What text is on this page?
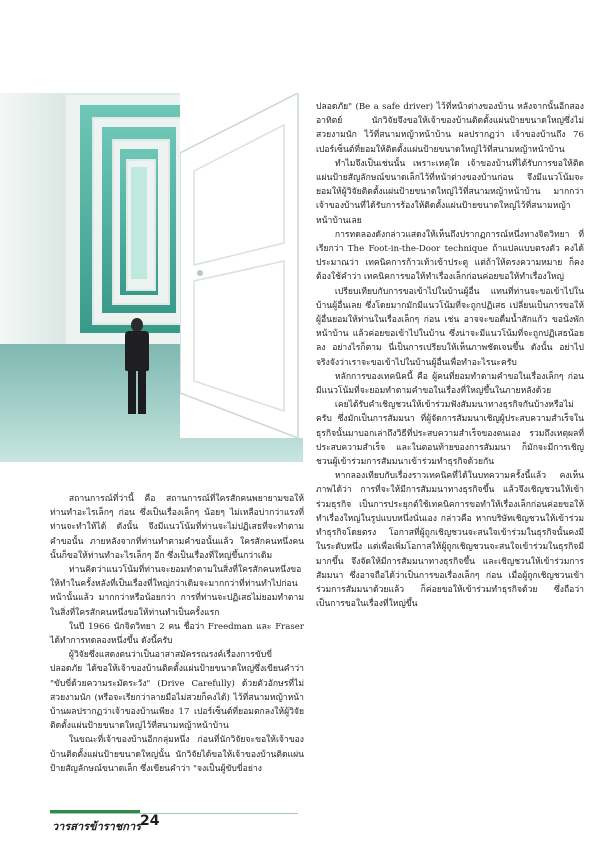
ปลอดภัย" (Be a safe driver) ไว้ที่หน้าต่างของบ้าน หลังจากนั้นอีกสองอาทิตย์ นักวิจัยจึงขอให้เจ้าของบ้านติดตั้งแผ่นป้ายขนาดใหญ่ซึ่งไม่สวยงามนัก ไว้ที่สนามหญ้าหน้าบ้าน ผลปรากฏว่า เจ้าของบ้านถึง 76 เปอร์เซ็นต์ที่ยอมให้ติดตั้งแผ่นป้ายขนาดใหญ่ไว้ที่สนามหญ้าหน้าบ้าน

ทำไมจึงเป็นเช่นนั้น เพราะเหตุใด เจ้าของบ้านที่ได้รับการขอให้ติดแผ่นป้ายสัญลักษณ์ขนาดเล็กไว้ที่หน้าต่างของบ้านก่อน จึงมีแนวโน้มจะยอมให้ผู้วิจัยติดตั้งแผ่นป้ายขนาดใหญ่ไว้ที่สนามหญ้าหน้าบ้าน มากกว่า เจ้าของบ้านที่ได้รับการร้องให้ติดตั้งแผ่นป้ายขนาดใหญ่ไว้ที่สนามหญ้าหน้าบ้านเลย

การทดลองดังกล่าวแสดงให้เห็นถึงปรากฏการณ์หนึ่งทางจิตวิทยา ที่เรียกว่า The Foot-in-the-Door technique ถ้าแปลแบบตรงตัว คงได้ประมาณว่า เทคนิคการก้าวเท้าเข้าประตู แต่ถ้าให้ตรงความหมาย ก็คงต้องใช้คำว่า เทคนิคการขอให้ทำเรื่องเล็กก่อนค่อยขอให้ทำเรื่องใหญ่

เปรียบเทียบกับการขอเข้าไปในบ้านผู้อื่น แทนที่ท่านจะขอเข้าไปในบ้านผู้อื่นเลย ซึ่งโดยมากมักมีแนวโน้มที่จะถูกปฏิเสธ เปลี่ยนเป็นการขอให้ผู้อื่นยอมให้ท่านในเรื่องเล็กๆ ก่อน เช่น อาจจะขอดื่มน้ำสักแก้ว ขอนั่งพักหน้าบ้าน แล้วค่อยขอเข้าไปในบ้าน ซึ่งน่าจะมีแนวโน้มที่จะถูกปฏิเสธน้อยลง อย่างไรก็ตาม นี่เป็นการเปรียบให้เห็นภาพชัดเจนขึ้น ดังนั้น อย่าไปจริงจังว่าเราจะขอเข้าไปในบ้านผู้อื่นเพื่อทำอะไรนะครับ

หลักการของเทคนิคนี้ คือ ผู้คนที่ยอมทำตามคำขอในเรื่องเล็กๆ ก่อน มีแนวโน้มที่จะยอมทำตามคำขอในเรื่องที่ใหญ่ขึ้นในภายหลังด้วย

เคยได้รับคำเชิญชวนให้เข้าร่วมฟังสัมมนาทางธุรกิจกันบ้างหรือไม่ครับ ซึ่งมักเป็นการสัมมนา ที่ผู้จัดการสัมมนาเชิญผู้ประสบความสำเร็จในธุรกิจนั้นมาบอกเล่าถึงวิธีที่ประสบความสำเร็จของตนเอง รวมถึงเหตุผลที่ประสบความสำเร็จ และในตอนท้ายของการสัมมนา ก็มักจะมีการเชิญชวนผู้เข้าร่วมการสัมมนาเข้าร่วมทำธุรกิจด้วยกัน

หากลองเทียบกับเรื่องราวเทคนิคที่ได้ในบทความครั้งนี้แล้ว คงเห็นภาพได้ว่า การที่จะให้มีการสัมมนาทางธุรกิจขึ้น แล้วจึงเชิญชวนให้เข้าร่วมธุรกิจ เป็นการประยุกต์ใช้เทคนิคการขอทำให้เรื่องเล็กก่อนค่อยขอให้ทำเรื่องใหญ่ในรูปแบบหนึ่งนั่นเอง กล่าวคือ หากบริษัทเชิญชวนให้เข้าร่วมทำธุรกิจโดยตรง โอกาสที่ผู้ถูกเชิญชวนจะสนใจเข้าร่วมในธุรกิจนั้นคงมีในระดับหนึ่ง แต่เพื่อเพิ่มโอกาสให้ผู้ถูกเชิญชวนจะสนใจเข้าร่วมในธุรกิจมีมากขึ้น จึงจัดให้มีการสัมมนาทางธุรกิจขึ้น และเชิญชวนให้เข้าร่วมการสัมมนา ซึ่งอาจถือได้ว่าเป็นการขอเรื่องเล็กๆ ก่อน เมื่อผู้ถูกเชิญชวนเข้าร่วมการสัมมนาด้วยแล้ว ก็ค่อยขอให้เข้าร่วมทำธุรกิจด้วย ซึ่งถือว่าเป็นการขอในเรื่องที่ใหญ่ขึ้น

สถานการณ์ที่ว่านี้ คือ สถานการณ์ที่ใครสักคนพยายามขอให้ท่านทำอะไรเล็กๆ ก่อน ซึ่งเป็นเรื่องเล็กๆ น้อยๆ ไม่เหลือบ่ากว่าแรงที่ท่านจะทำให้ได้ ดังนั้น จึงมีแนวโน้มที่ท่านจะไม่ปฏิเสธที่จะทำตามคำขอนั้น ภายหลังจากที่ท่านทำตามคำขอนั้นแล้ว ใครสักคนหนึ่งคนนั้นก็ขอให้ท่านทำอะไรเล็กๆ อีก ซึ่งเป็นเรื่องที่ใหญ่ขึ้นกว่าเดิม

ท่านคิดว่าแนวโน้มที่ท่านจะยอมทำตามในสิ่งที่ใครสักคนหนึ่งขอให้ทำในครั้งหลังที่เป็นเรื่องที่ใหญ่กว่าเดิมจะมากกว่าที่ท่านทำไปก่อนหน้านั้นแล้ว มากกว่าหรือน้อยกว่า การที่ท่านจะปฏิเสธไม่ยอมทำตามในสิ่งที่ใครสักคนหนึ่งขอให้ท่านทำเป็นครั้งแรก

ในปี 1966 นักจิตวิทยา 2 คน ชื่อว่า Freedman และ Fraser ได้ทำการทดลองหนึ่งขึ้น ดังนี้ครับ

ผู้วิจัยซึ่งแสดงตนว่าเป็นอาสาสมัครรณรงค์เรื่องการขับขี่ปลอดภัย ได้ขอให้เจ้าของบ้านติดตั้งแผ่นป้ายขนาดใหญ่ซึ่งเขียนคำว่า "ขับขี่ด้วยความระมัดระวัง" (Drive Carefully) ด้วยตัวอักษรที่ไม่สวยงามนัก (หรือจะเรียกว่าลายมือไม่สวยก็คงได้) ไว้ที่สนามหญ้าหน้าบ้านผลปรากฏว่าเจ้าของบ้านเพียง 17 เปอร์เซ็นต์ที่ยอมตกลงให้ผู้วิจัยติดตั้งแผ่นป้ายขนาดใหญ่ไว้ที่สนามหญ้าหน้าบ้าน

ในขณะที่เจ้าของบ้านอีกกลุ่มหนึ่ง ก่อนที่นักวิจัยจะขอให้เจ้าของบ้านติดตั้งแผ่นป้ายขนาดใหญ่นั้น นักวิจัยได้ขอให้เจ้าของบ้านติดแผ่นป้ายสัญลักษณ์ขนาดเล็ก ซึ่งเขียนคำว่า "จงเป็นผู้ขับขี่อย่าง

วารสารข้าราชการ
24
